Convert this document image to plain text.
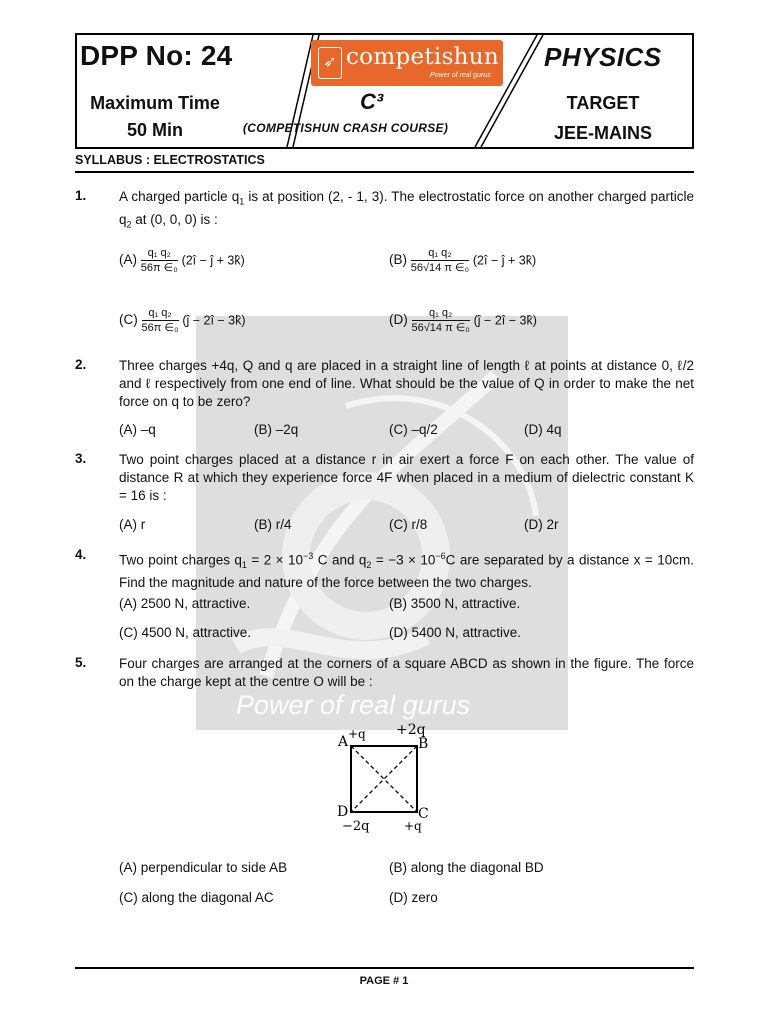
DPP No: 24
Maximum Time
50 Min
➶ competishun
Power of real gurus
C³
(COMPETISHUN CRASH COURSE)
PHYSICS
TARGET
JEE-MAINS
SYLLABUS : ELECTROSTATICS
Power of real gurus
1. A charged particle $q_1$ is at position (2, - 1, 3). The electrostatic force on another charged particle $q_2$ at (0, 0, 0) is :
$(A) \frac{\text{q₁ q₂}}{\text{56π ∈₀}}$ (2î − ĵ + 3k̂)	$(B) \frac{\text{q₁ q₂}}{\text{56√14 π ∈₀}}$ (2î − ĵ + 3k̂)
$(C) \frac{\text{q₁ q₂}}{\text{56π ∈₀}}$ (ĵ − 2î − 3k̂)	$(D) \frac{\text{q₁ q₂}}{\text{56√14 π ∈₀}}$ (ĵ − 2î − 3k̂)
2. Three charges +4q, Q and q are placed in a straight line of length ℓ at points at distance 0, ℓ/2 and ℓ respectively from one end of line. What should be the value of Q in order to make the net force on q to be zero?
(A) –q	(B) –2q	(C) –q/2	(D) 4q
3. Two point charges placed at a distance r in air exert a force F on each other. The value of distance R at which they experience force 4F when placed in a medium of dielectric constant K = 16 is :
(A) r	(B) r/4	(C) r/8	(D) 2r
4. Two point charges $q_1 = 2 \times 10^{-3}$ C and $q_2 = -3 \times 10^{-6}C$ are separated by a distance x = 10cm. Find the magnitude and nature of the force between the two charges.
(A) 2500 N, attractive.	(B) 3500 N, attractive.
(C) 4500 N, attractive.	(D) 5400 N, attractive.
5. Four charges are arranged at the corners of a square ABCD as shown in the figure. The force on the charge kept at the centre O will be :
A +q
B
+2q
C
+q
D
−2q
(A) perpendicular to side AB	(B) along the diagonal BD
(C) along the diagonal AC	(D) zero
PAGE # 1
